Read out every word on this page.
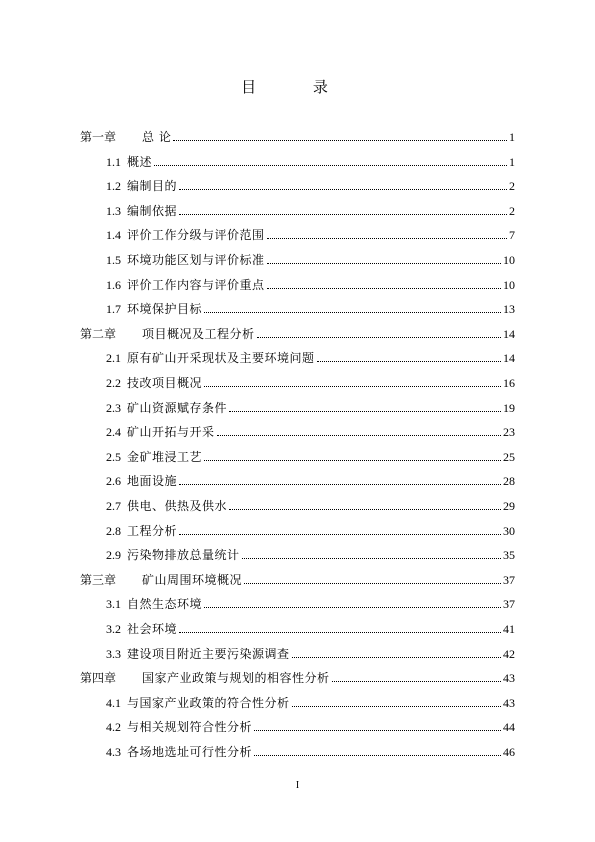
目 录
第一章	总 论	1
1.1 概述	1
1.2 编制目的	2
1.3 编制依据	2
1.4 评价工作分级与评价范围	7
1.5 环境功能区划与评价标准	10
1.6 评价工作内容与评价重点	10
1.7 环境保护目标	13
第二章	项目概况及工程分析	14
2.1 原有矿山开采现状及主要环境问题	14
2.2 技改项目概况	16
2.3 矿山资源赋存条件	19
2.4 矿山开拓与开采	23
2.5 金矿堆浸工艺	25
2.6 地面设施	28
2.7 供电、供热及供水	29
2.8 工程分析	30
2.9 污染物排放总量统计	35
第三章	矿山周围环境概况	37
3.1 自然生态环境	37
3.2 社会环境	41
3.3 建设项目附近主要污染源调查	42
第四章	国家产业政策与规划的相容性分析	43
4.1 与国家产业政策的符合性分析	43
4.2 与相关规划符合性分析	44
4.3 各场地选址可行性分析	46
I
